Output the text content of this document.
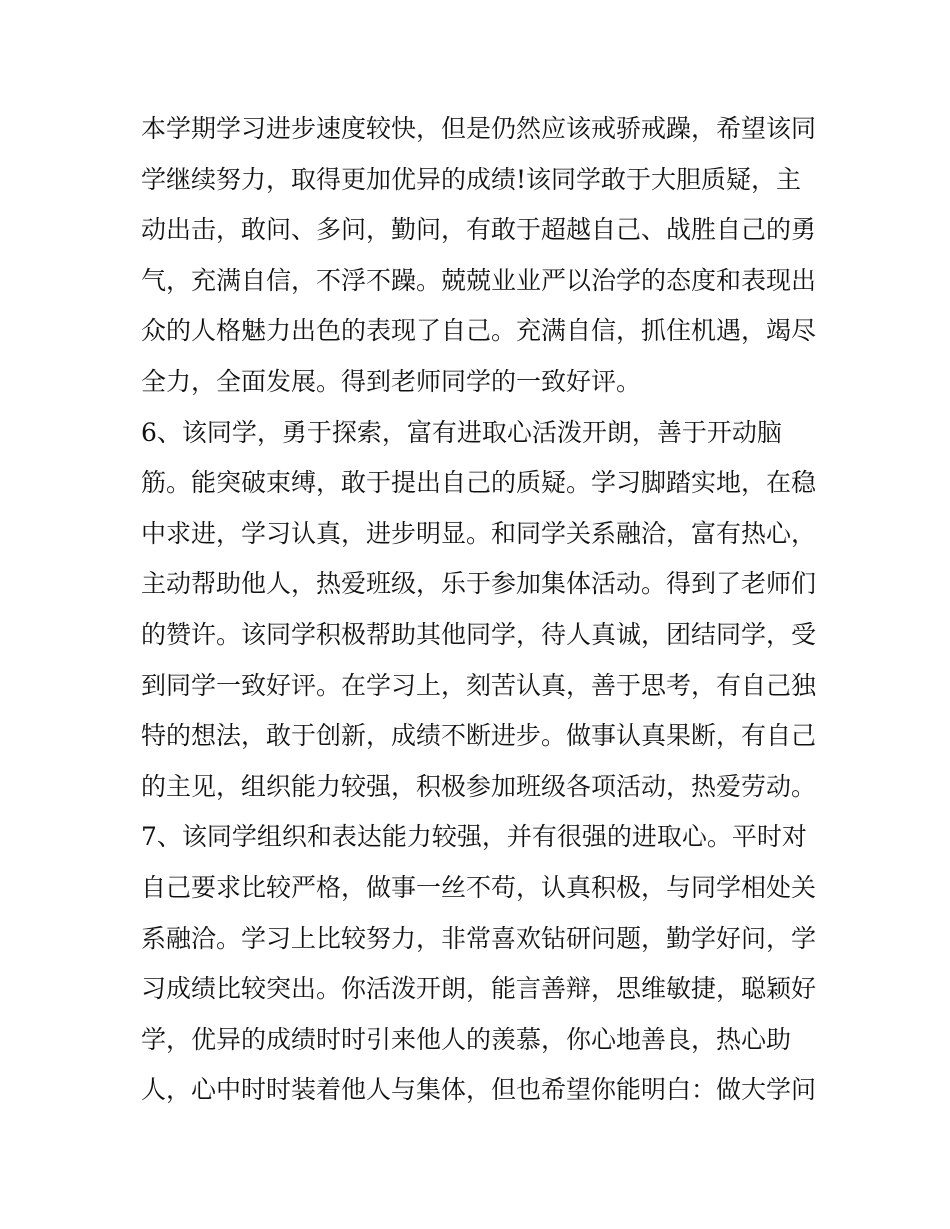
本学期学习进步速度较快，但是仍然应该戒骄戒躁，希望该同
学继续努力，取得更加优异的成绩!该同学敢于大胆质疑，主
动出击，敢问、多问，勤问，有敢于超越自己、战胜自己的勇
气，充满自信，不浮不躁。兢兢业业严以治学的态度和表现出
众的人格魅力出色的表现了自己。充满自信，抓住机遇，竭尽
全力，全面发展。得到老师同学的一致好评。
6、该同学，勇于探索，富有进取心活泼开朗，善于开动脑
筋。能突破束缚，敢于提出自己的质疑。学习脚踏实地，在稳
中求进，学习认真，进步明显。和同学关系融洽，富有热心，
主动帮助他人，热爱班级，乐于参加集体活动。得到了老师们
的赞许。该同学积极帮助其他同学，待人真诚，团结同学，受
到同学一致好评。在学习上，刻苦认真，善于思考，有自己独
特的想法，敢于创新，成绩不断进步。做事认真果断，有自己
的主见，组织能力较强，积极参加班级各项活动，热爱劳动。
7、该同学组织和表达能力较强，并有很强的进取心。平时对
自己要求比较严格，做事一丝不苟，认真积极，与同学相处关
系融洽。学习上比较努力，非常喜欢钻研问题，勤学好问，学
习成绩比较突出。你活泼开朗，能言善辩，思维敏捷，聪颖好
学，优异的成绩时时引来他人的羡慕，你心地善良，热心助
人，心中时时装着他人与集体，但也希望你能明白：做大学问
